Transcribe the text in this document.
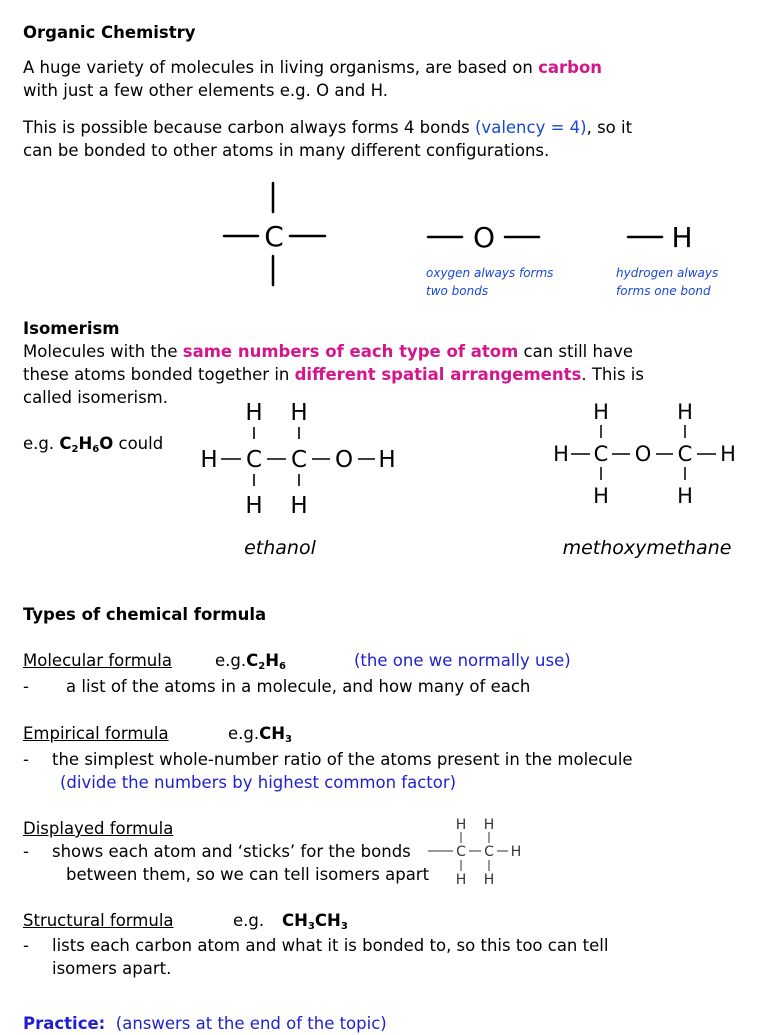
Organic Chemistry
A huge variety of molecules in living organisms, are based on carbon
with just a few other elements e.g. O and H.
This is possible because carbon always forms 4 bonds (valency = 4), so it
can be bonded to other atoms in many different configurations.
C	O	H
oxygen always forms
two bonds
hydrogen always
forms one bond
Isomerism
Molecules with the same numbers of each type of atom can still have
these atoms bonded together in different spatial arrangements. This is
called isomerism.
e.g. $C_2H_6O$ could
H H
H C C O H
H H
ethanol
H	H
H C O C H
H	H
methoxymethane
Types of chemical formula
Molecular formula	$e.g.C_2H_6$	(the one we normally use)
- a list of the atoms in a molecule, and how many of each
Empirical formula	$e.g.CH_3$
- the simplest whole-number ratio of the atoms present in the molecule
(divide the numbers by highest common factor)
Displayed formula
- shows each atom and ‘sticks’ for the bonds
between them, so we can tell isomers apart
H H
C C H
H H
Structural formula	e.g. $CH_3CH_3$
- lists each carbon atom and what it is bonded to, so this too can tell
isomers apart.
Practice: (answers at the end of the topic)
